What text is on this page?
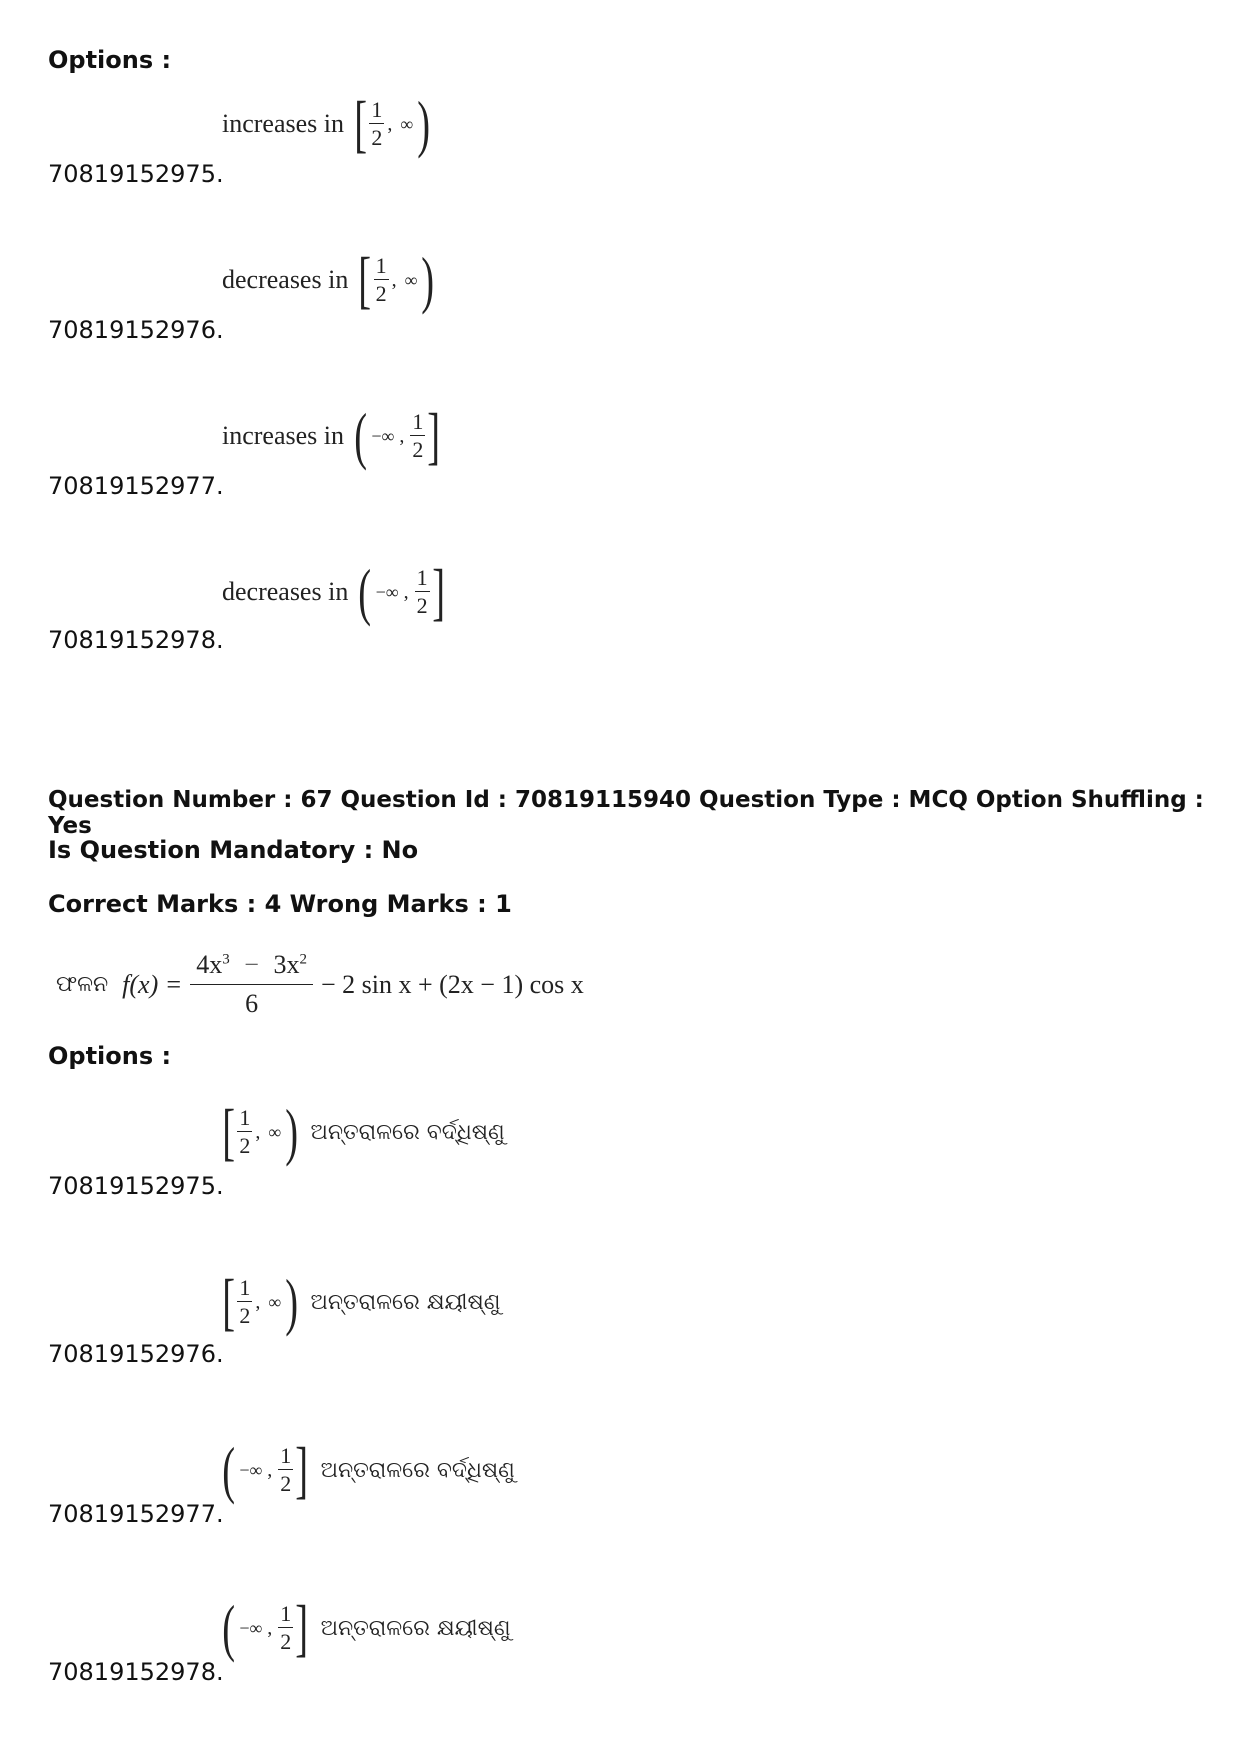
Options :
70819152975.
increases in [ $\frac{1}{2}$ , ∞ )
70819152976.
decreases in [ $\frac{1}{2}$ , ∞ )
70819152977.
increases in ( −∞ , $\frac{1}{2}$ ]
70819152978.
decreases in ( −∞ , $\frac{1}{2}$ ]
Question Number : 67 Question Id : 70819115940 Question Type : MCQ Option Shuffling : Yes
Is Question Mandatory : No
Correct Marks : 4 Wrong Marks : 1
ଫଳନ $f(x) = \frac{4x^3 - 3x^2}{6} - 2$ sin x + (2x − 1) cos x
Options :
70819152975.
[ $\frac{1}{2}$ , ∞ ) ଅନ୍ତରାଳରେ ବର୍ଦ୍ଧିଷ୍ଣୁ
70819152976.
[ $\frac{1}{2}$ , ∞ ) ଅନ୍ତରାଳରେ କ୍ଷୟୀଷ୍ଣୁ
70819152977.
( −∞ , $\frac{1}{2}$ ] ଅନ୍ତରାଳରେ ବର୍ଦ୍ଧିଷ୍ଣୁ
70819152978.
( −∞ , $\frac{1}{2}$ ] ଅନ୍ତରାଳରେ କ୍ଷୟୀଷ୍ଣୁ
